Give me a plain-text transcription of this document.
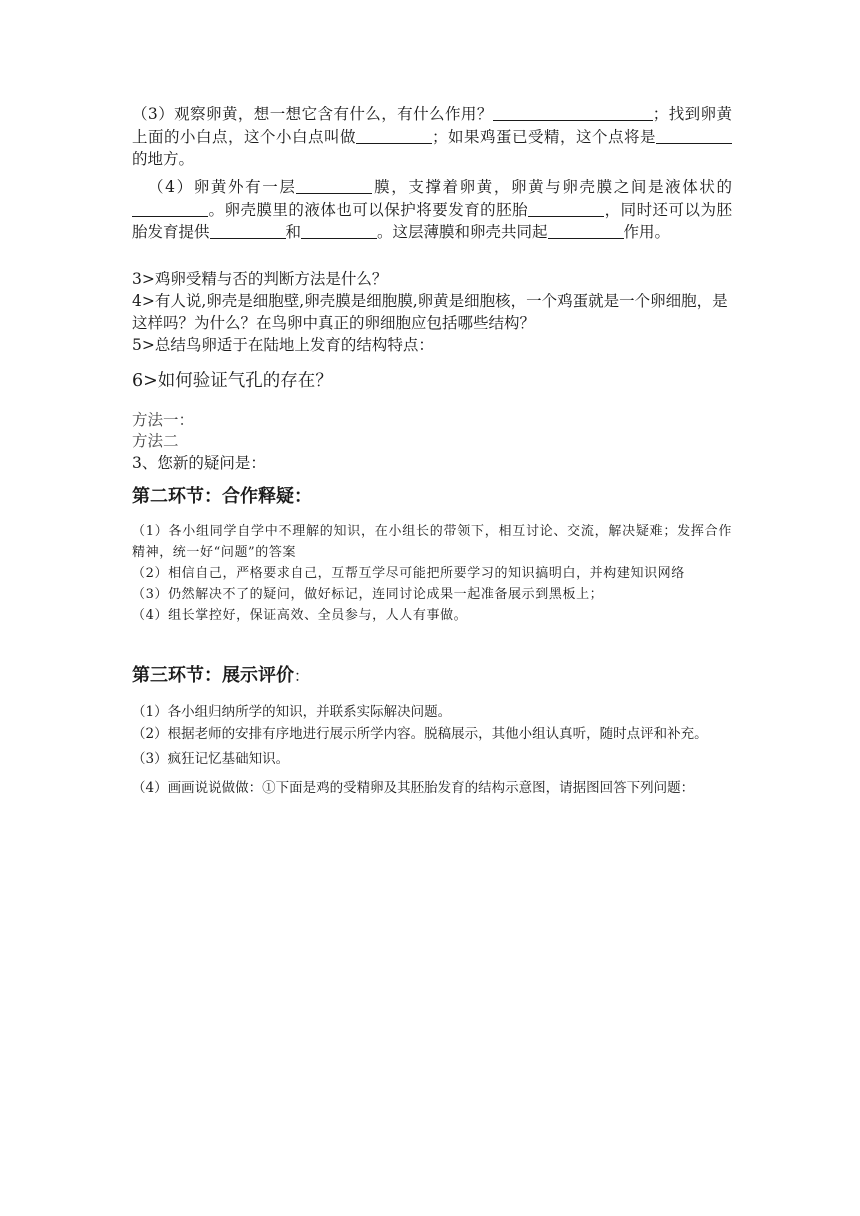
（3）观察卵黄，想一想它含有什么，有什么作用？	；找到卵黄上面的小白点，这个小白点叫做	；如果鸡蛋已受精，这个点将是的地方。

（4）卵黄外有一层	膜，支撑着卵黄，卵黄与卵壳膜之间是液体状的。卵壳膜里的液体也可以保护将要发育的胚胎	，同时还可以为胚胎发育提供	和	。这层薄膜和卵壳共同起	作用。

3>鸡卵受精与否的判断方法是什么？

4>有人说,卵壳是细胞壁,卵壳膜是细胞膜,卵黄是细胞核，一个鸡蛋就是一个卵细胞，是这样吗？为什么？在鸟卵中真正的卵细胞应包括哪些结构？

5>总结鸟卵适于在陆地上发育的结构特点：

6>如何验证气孔的存在？

方法一：

方法二

3、您新的疑问是：

第二环节：合作释疑：

（1）各小组同学自学中不理解的知识，在小组长的带领下，相互讨论、交流，解决疑难；发挥合作精神，统一好“问题”的答案

（2）相信自己，严格要求自己，互帮互学尽可能把所要学习的知识搞明白，并构建知识网络

（3）仍然解决不了的疑问，做好标记，连同讨论成果一起准备展示到黑板上；

（4）组长掌控好，保证高效、全员参与，人人有事做。

第三环节：展示评价：

（1）各小组归纳所学的知识，并联系实际解决问题。

（2）根据老师的安排有序地进行展示所学内容。脱稿展示，其他小组认真听，随时点评和补充。

（3）疯狂记忆基础知识。

（4）画画说说做做：①下面是鸡的受精卵及其胚胎发育的结构示意图，请据图回答下列问题：
